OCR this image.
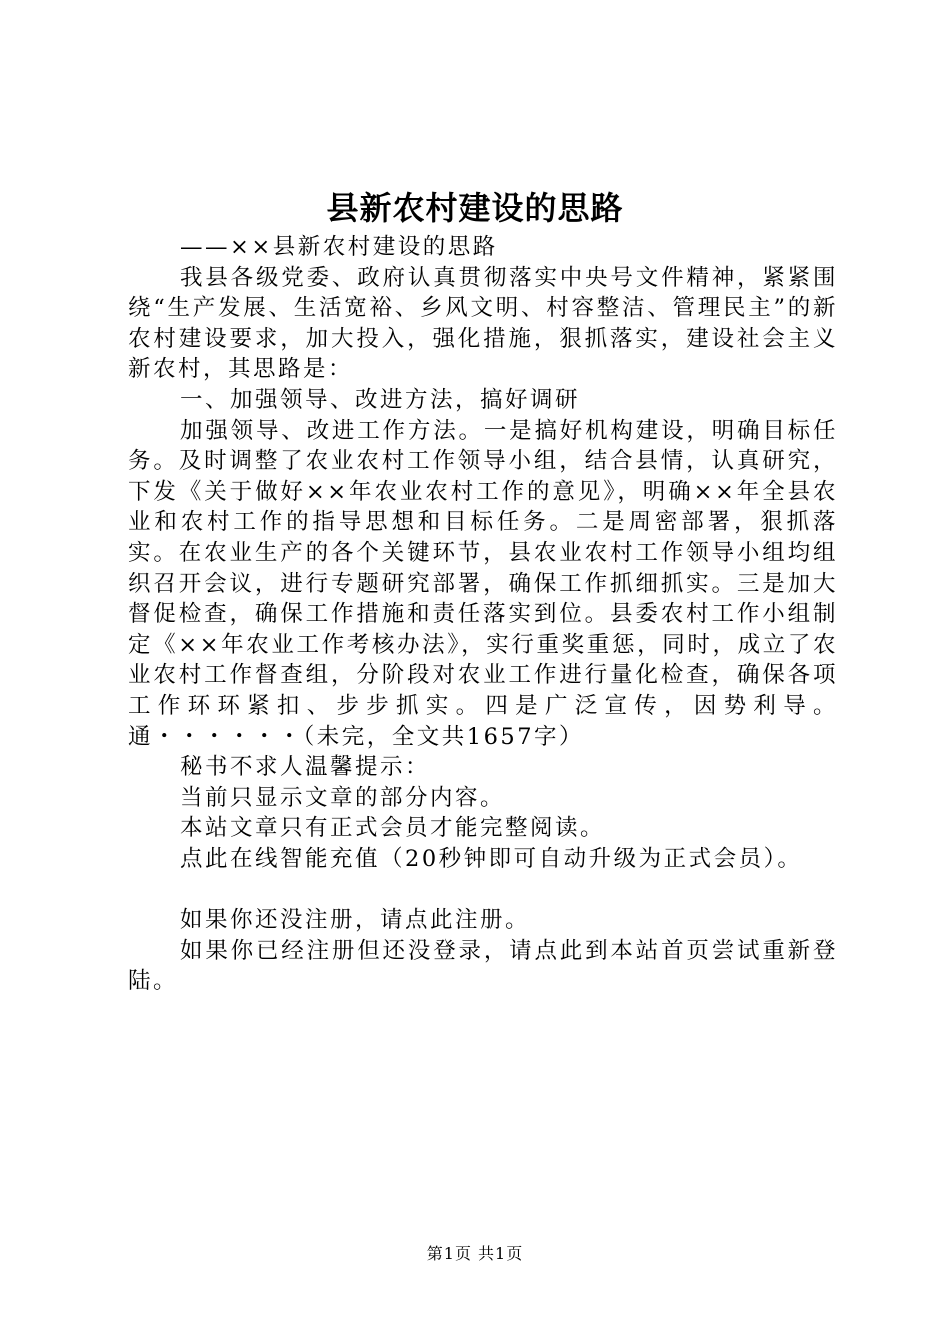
县新农村建设的思路

——××县新农村建设的思路

我县各级党委、政府认真贯彻落实中央号文件精神，紧紧围绕“生产发展、生活宽裕、乡风文明、村容整洁、管理民主”的新农村建设要求，加大投入，强化措施，狠抓落实，建设社会主义新农村，其思路是：

一、加强领导、改进方法，搞好调研

加强领导、改进工作方法。一是搞好机构建设，明确目标任务。及时调整了农业农村工作领导小组，结合县情，认真研究，下发《关于做好××年农业农村工作的意见》，明确××年全县农业和农村工作的指导思想和目标任务。二是周密部署，狠抓落实。在农业生产的各个关键环节，县农业农村工作领导小组均组织召开会议，进行专题研究部署，确保工作抓细抓实。三是加大督促检查，确保工作措施和责任落实到位。县委农村工作小组制定《××年农业工作考核办法》，实行重奖重惩，同时，成立了农业农村工作督查组，分阶段对农业工作进行量化检查，确保各项工作环环紧扣、步步抓实。四是广泛宣传，因势利导。通・・・・・・（未完，全文共1657字）

秘书不求人温馨提示：

当前只显示文章的部分内容。

本站文章只有正式会员才能完整阅读。

点此在线智能充值（20秒钟即可自动升级为正式会员）。

如果你还没注册，请点此注册。

如果你已经注册但还没登录，请点此到本站首页尝试重新登陆。

第1页 共1页
